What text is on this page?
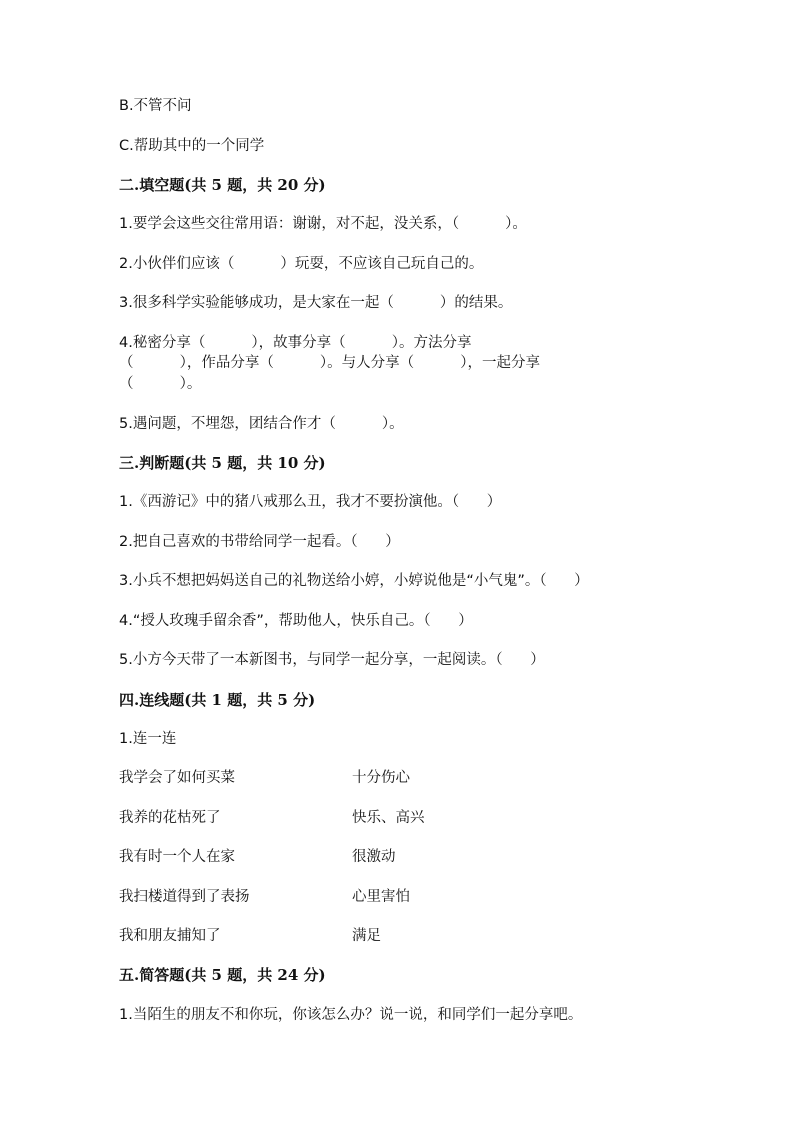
B.不管不问
C.帮助其中的一个同学
二.填空题(共 5 题，共 20 分)
1.要学会这些交往常用语：谢谢，对不起，没关系，（          ）。
2.小伙伴们应该（          ）玩耍，不应该自己玩自己的。
3.很多科学实验能够成功，是大家在一起（          ）的结果。
4.秘密分享（          ），故事分享（          ）。方法分享
（          ），作品分享（          ）。与人分享（          ），一起分享
（          ）。
5.遇问题，不埋怨，团结合作才（          ）。
三.判断题(共 5 题，共 10 分)
1.《西游记》中的猪八戒那么丑，我才不要扮演他。（      ）
2.把自己喜欢的书带给同学一起看。（      ）
3.小兵不想把妈妈送自己的礼物送给小婷，小婷说他是“小气鬼”。（      ）
4.“授人玫瑰手留余香”，帮助他人，快乐自己。（      ）
5.小方今天带了一本新图书，与同学一起分享，一起阅读。（      ）
四.连线题(共 1 题，共 5 分)
1.连一连
我学会了如何买菜	十分伤心
我养的花枯死了	快乐、高兴
我有时一个人在家	很激动
我扫楼道得到了表扬	心里害怕
我和朋友捕知了	满足
五.简答题(共 5 题，共 24 分)
1.当陌生的朋友不和你玩，你该怎么办？说一说，和同学们一起分享吧。
